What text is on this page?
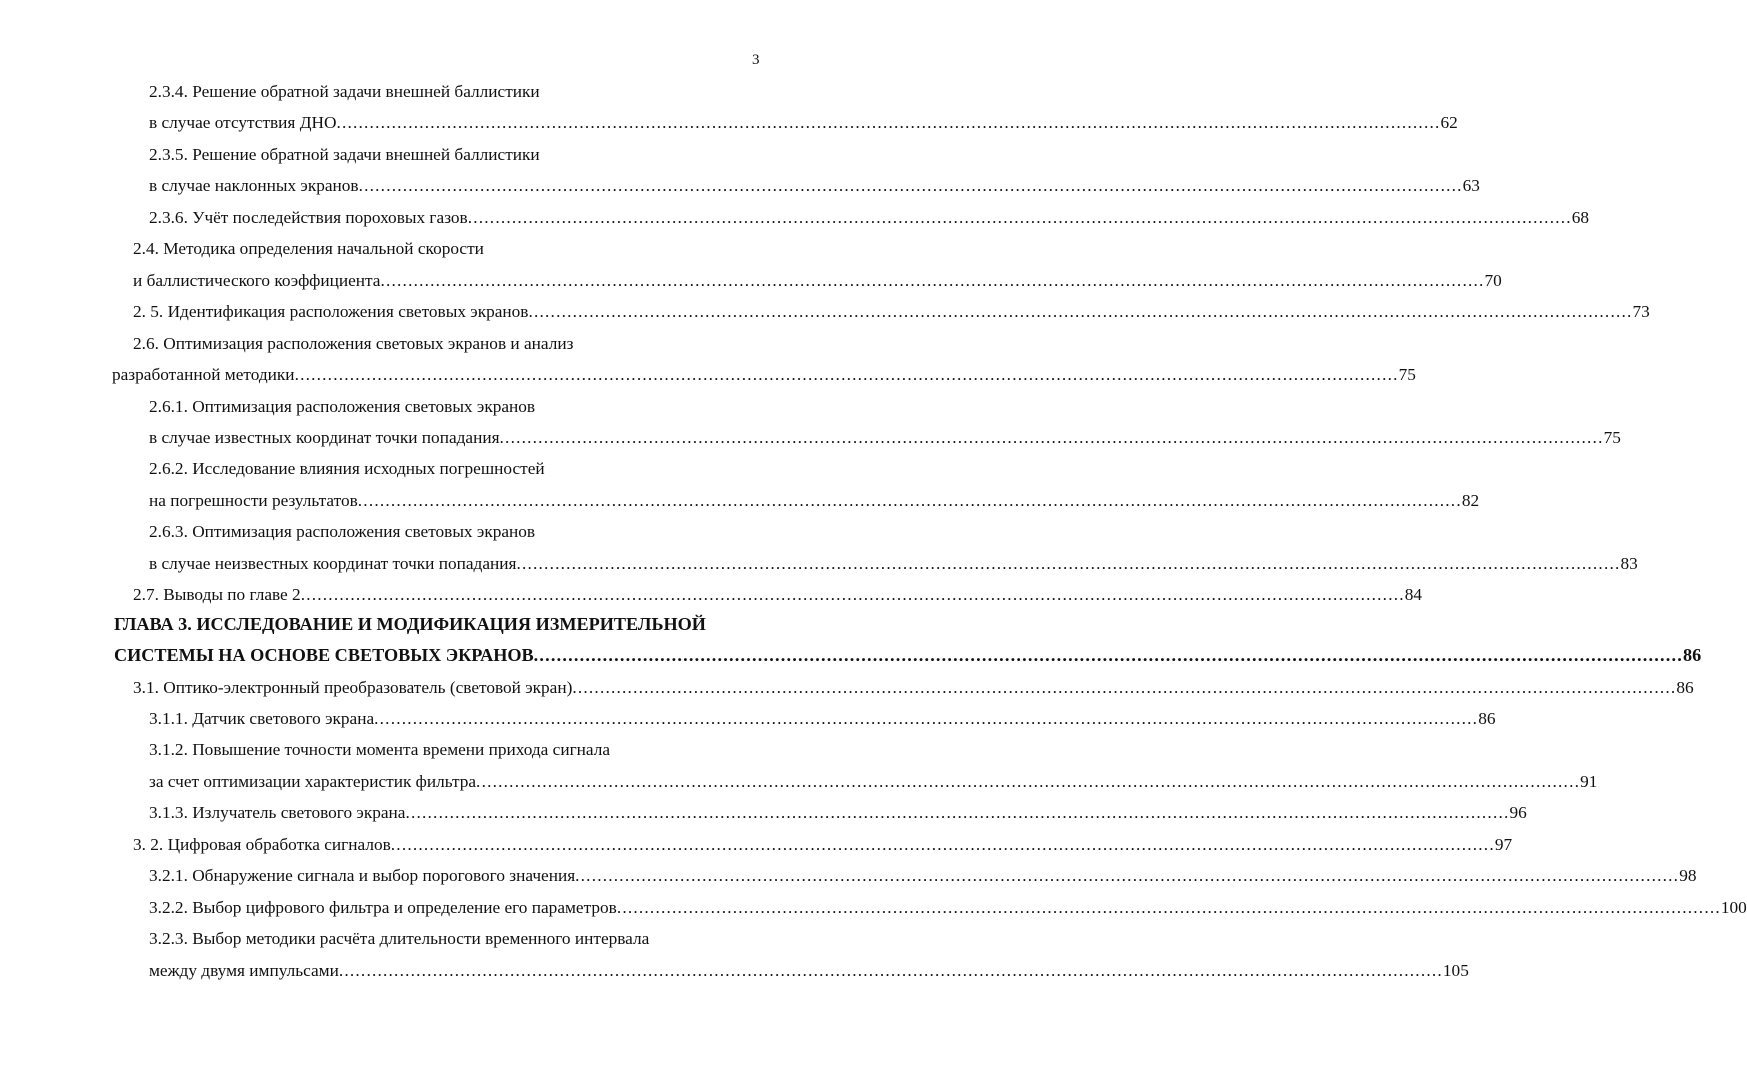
3
2.3.4. Решение обратной задачи внешней баллистики
в случае отсутствия ДНО ........................................................................................................................................................................................................ 62
2.3.5. Решение обратной задачи внешней баллистики
в случае наклонных экранов ........................................................................................................................................................................................................ 63
2.3.6. Учёт последействия пороховых газов ........................................................................................................................................................................................................ 68
2.4. Методика определения начальной скорости
и баллистического коэффициента ........................................................................................................................................................................................................ 70
2. 5. Идентификация расположения световых экранов ........................................................................................................................................................................................................ 73
2.6. Оптимизация расположения световых экранов и анализ
разработанной методики ........................................................................................................................................................................................................ 75
2.6.1. Оптимизация расположения световых экранов
в случае известных координат точки попадания ........................................................................................................................................................................................................ 75
2.6.2. Исследование влияния исходных погрешностей
на погрешности результатов ........................................................................................................................................................................................................ 82
2.6.3. Оптимизация расположения световых экранов
в случае неизвестных координат точки попадания ........................................................................................................................................................................................................ 83
2.7. Выводы по главе 2 ........................................................................................................................................................................................................ 84
ГЛАВА 3. ИССЛЕДОВАНИЕ И МОДИФИКАЦИЯ ИЗМЕРИТЕЛЬНОЙ
СИСТЕМЫ НА ОСНОВЕ СВЕТОВЫХ ЭКРАНОВ ........................................................................................................................................................................................................ 86
3.1. Оптико-электронный преобразователь (световой экран) ........................................................................................................................................................................................................ 86
3.1.1. Датчик светового экрана ........................................................................................................................................................................................................ 86
3.1.2. Повышение точности момента времени прихода сигнала
за счет оптимизации характеристик фильтра ........................................................................................................................................................................................................ 91
3.1.3. Излучатель светового экрана ........................................................................................................................................................................................................ 96
3. 2. Цифровая обработка сигналов ........................................................................................................................................................................................................ 97
3.2.1. Обнаружение сигнала и выбор порогового значения ........................................................................................................................................................................................................ 98
3.2.2. Выбор цифрового фильтра и определение его параметров ........................................................................................................................................................................................................ 100
3.2.3. Выбор методики расчёта длительности временного интервала
между двумя импульсами ........................................................................................................................................................................................................ 105
